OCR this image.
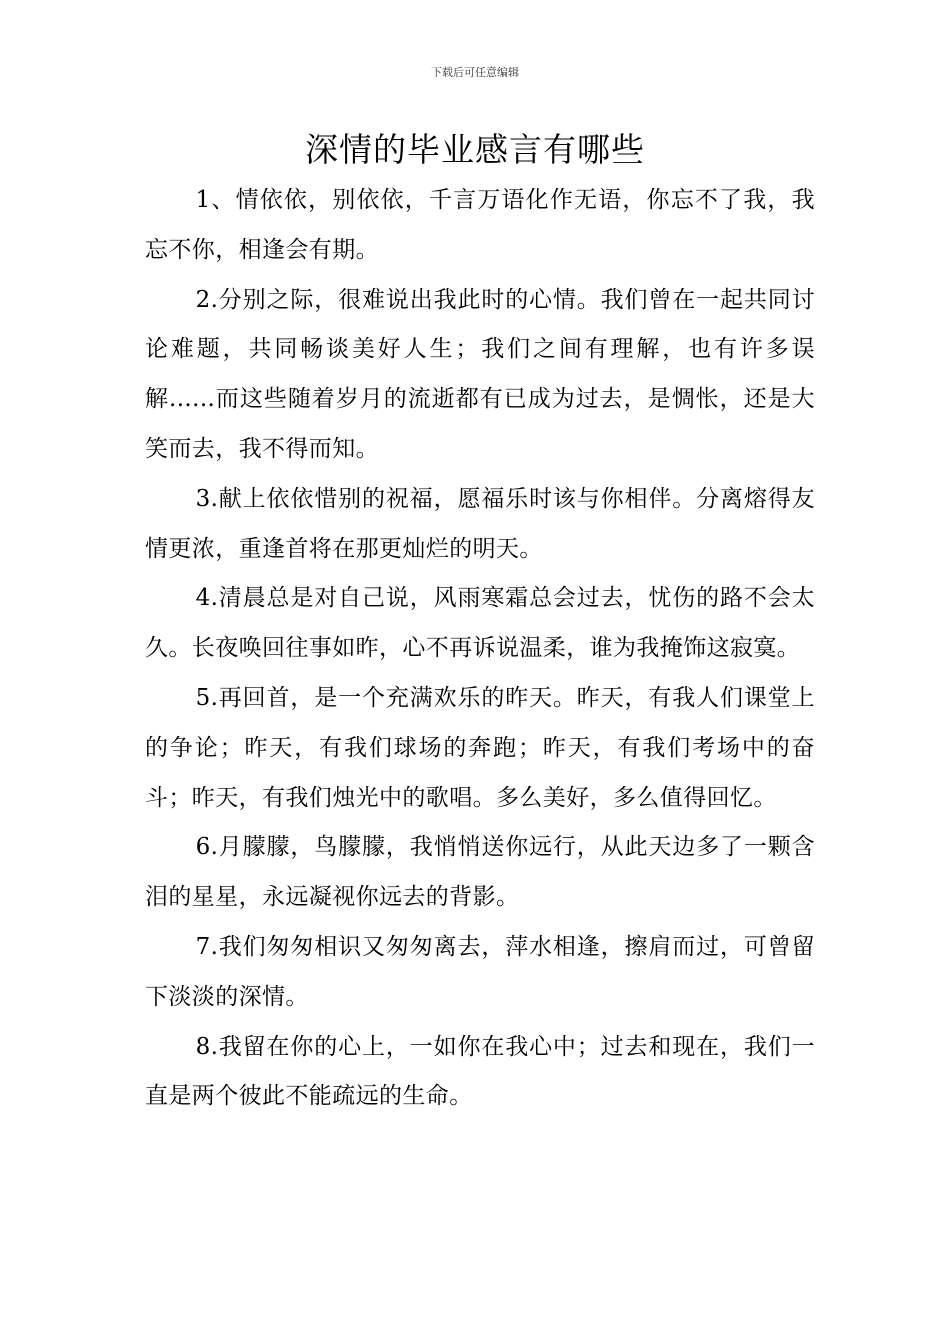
下载后可任意编辑
深情的毕业感言有哪些

1、情依依，别依依，千言万语化作无语，你忘不了我，我忘不你，相逢会有期。

2.分别之际，很难说出我此时的心情。我们曾在一起共同讨论难题，共同畅谈美好人生；我们之间有理解，也有许多误解......而这些随着岁月的流逝都有已成为过去，是惆怅，还是大笑而去，我不得而知。

3.献上依依惜别的祝福，愿福乐时该与你相伴。分离熔得友情更浓，重逢首将在那更灿烂的明天。

4.清晨总是对自己说，风雨寒霜总会过去，忧伤的路不会太久。长夜唤回往事如昨，心不再诉说温柔，谁为我掩饰这寂寞。

5.再回首，是一个充满欢乐的昨天。昨天，有我人们课堂上的争论；昨天，有我们球场的奔跑；昨天，有我们考场中的奋斗；昨天，有我们烛光中的歌唱。多么美好，多么值得回忆。

6.月朦朦，鸟朦朦，我悄悄送你远行，从此天边多了一颗含泪的星星，永远凝视你远去的背影。

7.我们匆匆相识又匆匆离去，萍水相逢，擦肩而过，可曾留下淡淡的深情。

8.我留在你的心上，一如你在我心中；过去和现在，我们一直是两个彼此不能疏远的生命。
